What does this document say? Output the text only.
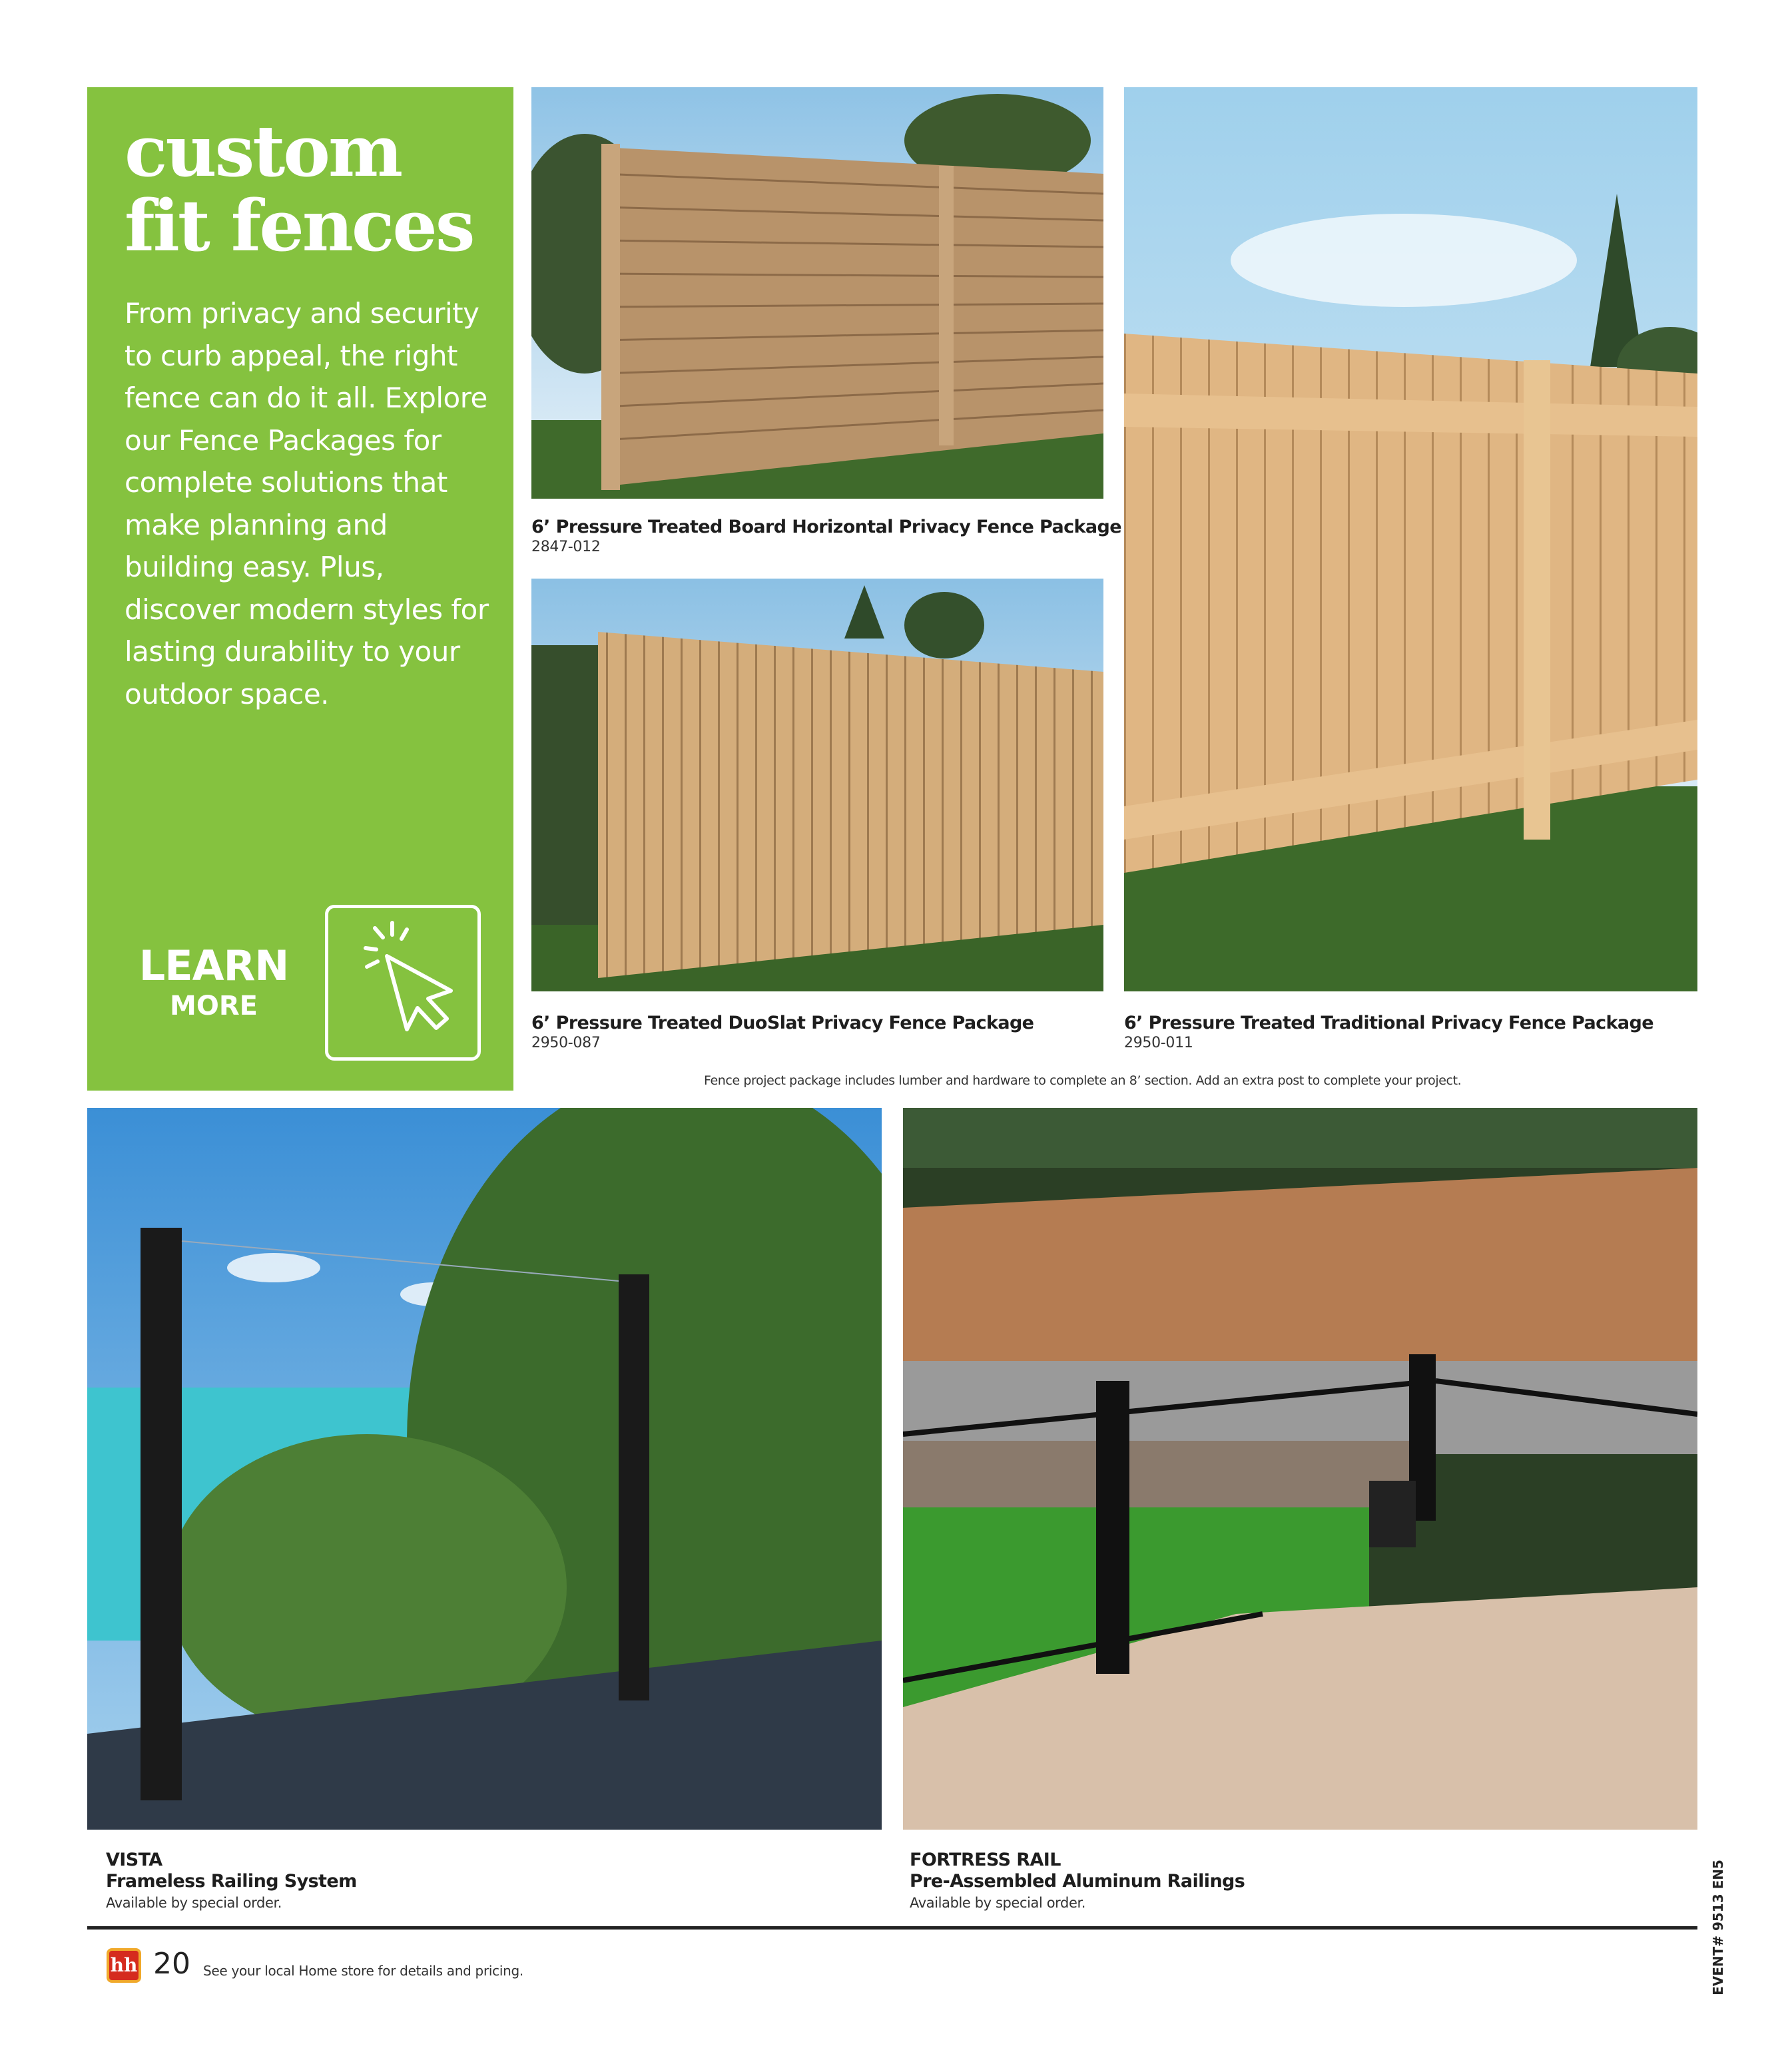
custom
fit fences
From privacy and security to curb appeal, the right fence can do it all. Explore our Fence Packages for complete solutions that make planning and building easy. Plus, discover modern styles for lasting durability to your outdoor space.
LEARN
MORE
6’ Pressure Treated Board Horizontal Privacy Fence Package
2847-012
6’ Pressure Treated DuoSlat Privacy Fence Package
2950-087
6’ Pressure Treated Traditional Privacy Fence Package
2950-011
Fence project package includes lumber and hardware to complete an 8’ section. Add an extra post to complete your project.
VISTA
Frameless Railing System
Available by special order.
FORTRESS RAIL
Pre-Assembled Aluminum Railings
Available by special order.
hh 20 See your local Home store for details and pricing.	EVENT# 9513 EN5
